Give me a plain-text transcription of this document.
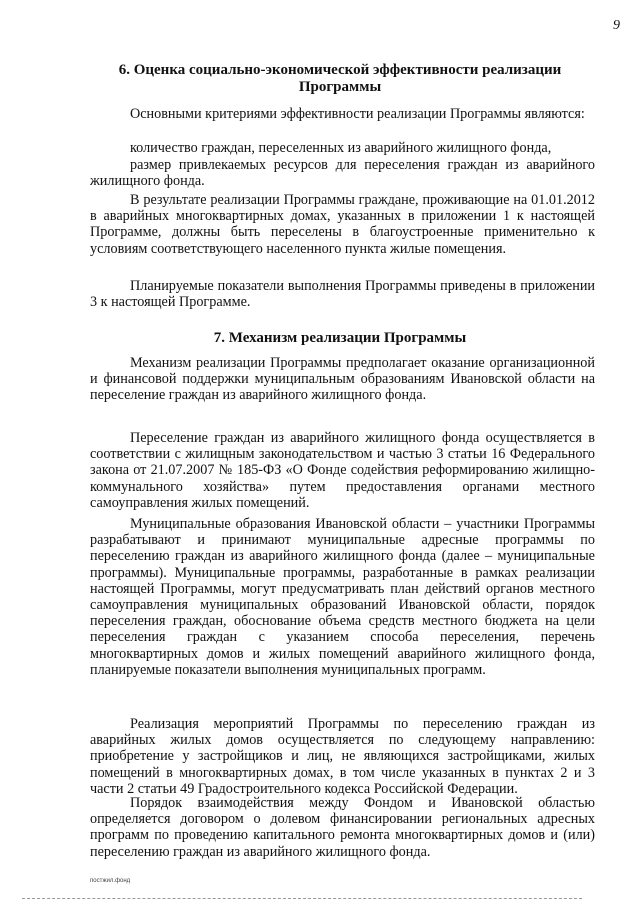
9
6. Оценка социально-экономической эффективности реализации
Программы

Основными критериями эффективности реализации Программы являются:

количество граждан, переселенных из аварийного жилищного фонда,

размер привлекаемых ресурсов для переселения граждан из аварийного жилищного фонда.

В результате реализации Программы граждане, проживающие на 01.01.2012 в аварийных многоквартирных домах, указанных в приложении 1 к настоящей Программе, должны быть переселены в благоустроенные применительно к условиям соответствующего населенного пункта жилые помещения.

Планируемые показатели выполнения Программы приведены в приложении 3 к настоящей Программе.

7. Механизм реализации Программы

Механизм реализации Программы предполагает оказание организационной и финансовой поддержки муниципальным образованиям Ивановской области на переселение граждан из аварийного жилищного фонда.

Переселение граждан из аварийного жилищного фонда осуществляется в соответствии с жилищным законодательством и частью 3 статьи 16 Федерального закона от 21.07.2007 № 185-ФЗ «О Фонде содействия реформированию жилищно-коммунального хозяйства» путем предоставления органами местного самоуправления жилых помещений.

Муниципальные образования Ивановской области – участники Программы разрабатывают и принимают муниципальные адресные программы по переселению граждан из аварийного жилищного фонда (далее – муниципальные программы). Муниципальные программы, разработанные в рамках реализации настоящей Программы, могут предусматривать план действий органов местного самоуправления муниципальных образований Ивановской области, порядок переселения граждан, обоснование объема средств местного бюджета на цели переселения граждан с указанием способа переселения, перечень многоквартирных домов и жилых помещений аварийного жилищного фонда, планируемые показатели выполнения муниципальных программ.

Реализация мероприятий Программы по переселению граждан из аварийных жилых домов осуществляется по следующему направлению: приобретение у застройщиков и лиц, не являющихся застройщиками, жилых помещений в многоквартирных домах, в том числе указанных в пунктах 2 и 3 части 2 статьи 49 Градостроительного кодекса Российской Федерации.

Порядок взаимодействия между Фондом и Ивановской областью определяется договором о долевом финансировании региональных адресных программ по проведению капитального ремонта многоквартирных домов и (или) переселению граждан из аварийного жилищного фонда.

постжил.фонд
